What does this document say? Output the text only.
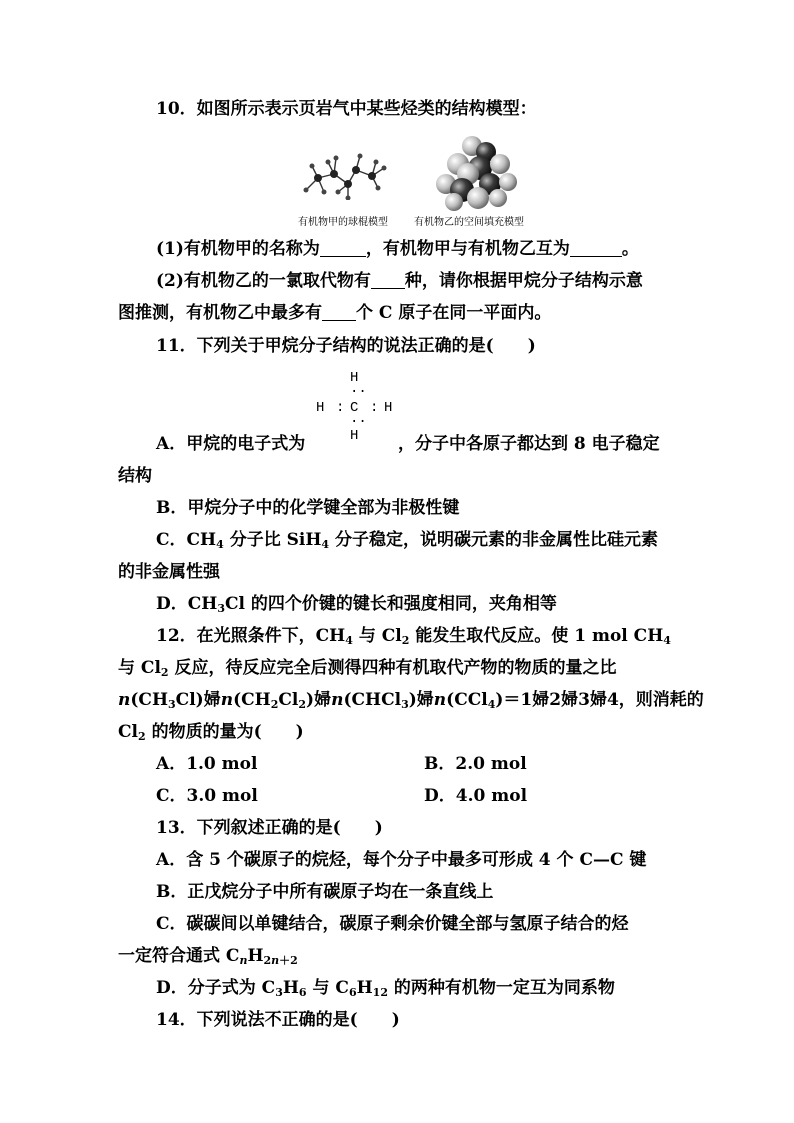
10．如图所示表示页岩气中某些烃类的结构模型：
有机物甲的球棍模型	有机物乙的空间填充模型
(1)有机物甲的名称为	，有机物甲与有机物乙互为	。
(2)有机物乙的一氯取代物有 种，请你根据甲烷分子结构示意
图推测，有机物乙中最多有 个 C 原子在同一平面内。
11．下列关于甲烷分子结构的说法正确的是(　　)
H
··
H : C : H
··
H
A．甲烷的电子式为	，分子中各原子都达到 8 电子稳定
结构
B．甲烷分子中的化学键全部为非极性键
C．$CH_4$ 分子比 SiH$_4$ 分子稳定，说明碳元素的非金属性比硅元素
的非金属性强
D．$CH_3Cl$ 的四个价键的键长和强度相同，夹角相等
12．在光照条件下，$CH_4$ 与 $Cl_2$ 能发生取代反应。使 1 mol $CH_4$
与 $Cl_2$ 反应，待反应完全后测得四种有机取代产物的物质的量之比
$n(CH_3Cl)$婦$n(CH_2Cl_2)$婦n(CHCl$_3$)婦n(CCl$_4$)＝1婦2婦3婦4，则消耗的
$Cl_2$ 的物质的量为(　　)
A．1.0 mol	B．2.0 mol
C．3.0 mol	D．4.0 mol
13．下列叙述正确的是(　　)
A．含 5 个碳原子的烷烃，每个分子中最多可形成 4 个 C—C 键
B．正戊烷分子中所有碳原子均在一条直线上
C．碳碳间以单键结合，碳原子剩余价键全部与氢原子结合的烃
一定符合通式 $C_nH_{2n+2}$
D．分子式为 $C_3H_6$ 与 $C_6H_{12}$ 的两种有机物一定互为同系物
14．下列说法不正确的是(　　)
